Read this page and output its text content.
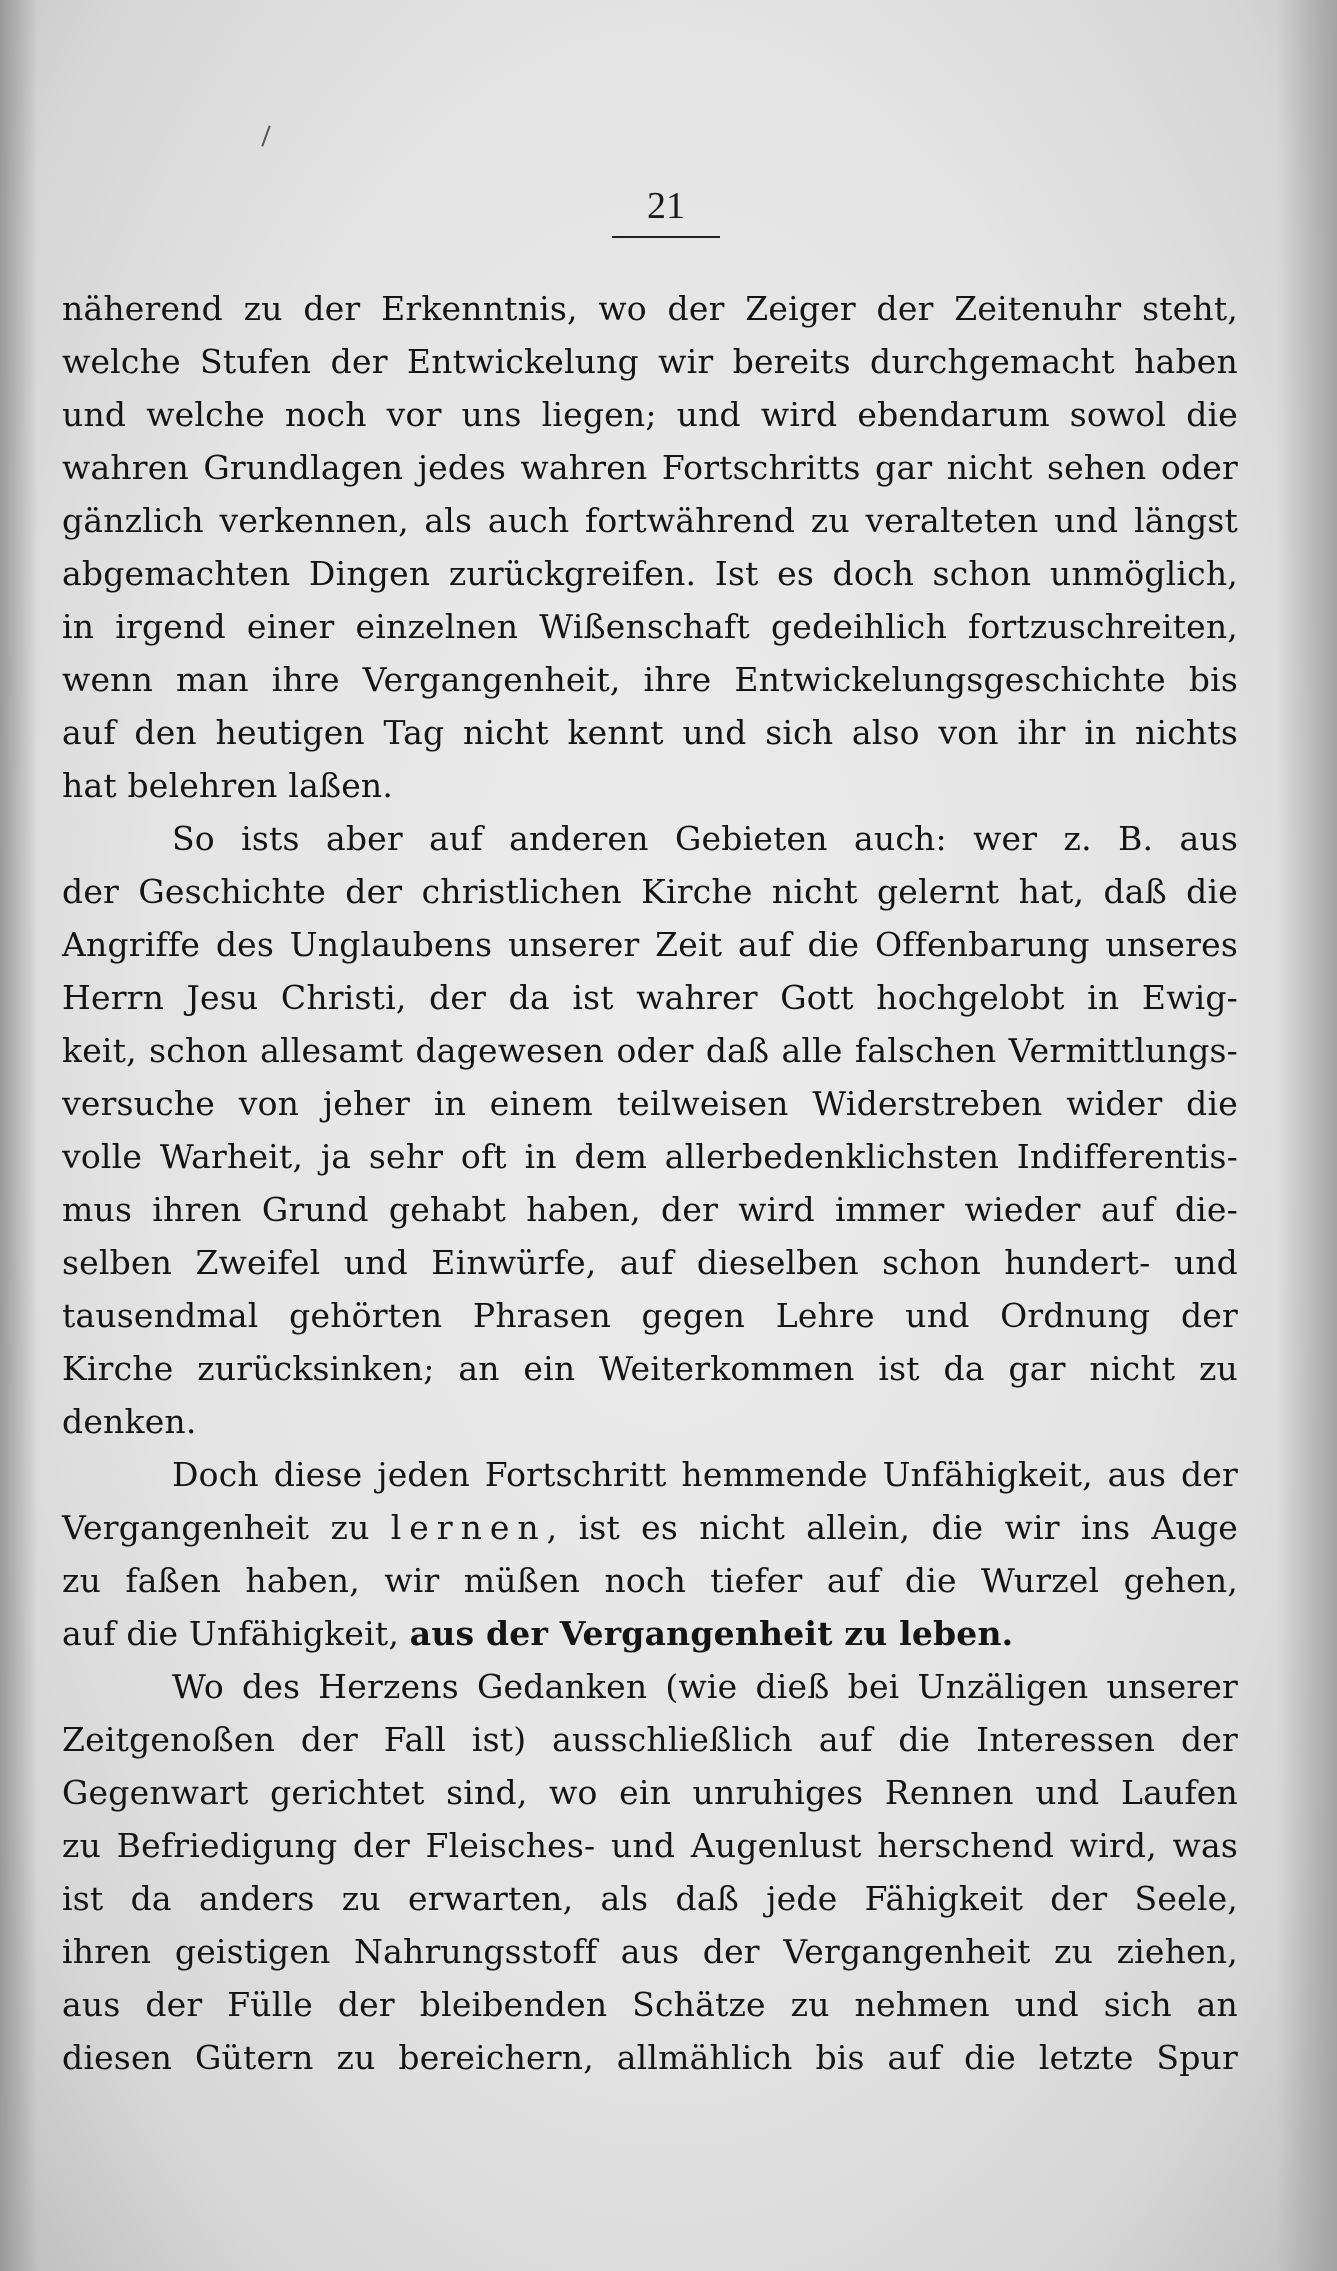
21
näherend zu der Erkenntnis, wo der Zeiger der Zeitenuhr steht,
welche Stufen der Entwickelung wir bereits durchgemacht haben
und welche noch vor uns liegen; und wird ebendarum sowol die
wahren Grundlagen jedes wahren Fortschritts gar nicht sehen oder
gänzlich verkennen, als auch fortwährend zu veralteten und längst
abgemachten Dingen zurückgreifen. Ist es doch schon unmöglich,
in irgend einer einzelnen Wißenschaft gedeihlich fortzuschreiten,
wenn man ihre Vergangenheit, ihre Entwickelungsgeschichte bis
auf den heutigen Tag nicht kennt und sich also von ihr in nichts
hat belehren laßen.
So ists aber auf anderen Gebieten auch: wer z. B. aus
der Geschichte der christlichen Kirche nicht gelernt hat, daß die
Angriffe des Unglaubens unserer Zeit auf die Offenbarung unseres
Herrn Jesu Christi, der da ist wahrer Gott hochgelobt in Ewig-
keit, schon allesamt dagewesen oder daß alle falschen Vermittlungs-
versuche von jeher in einem teilweisen Widerstreben wider die
volle Warheit, ja sehr oft in dem allerbedenklichsten Indifferentis-
mus ihren Grund gehabt haben, der wird immer wieder auf die-
selben Zweifel und Einwürfe, auf dieselben schon hundert- und
tausendmal gehörten Phrasen gegen Lehre und Ordnung der
Kirche zurücksinken; an ein Weiterkommen ist da gar nicht zu
denken.
Doch diese jeden Fortschritt hemmende Unfähigkeit, aus der
Vergangenheit zu lernen, ist es nicht allein, die wir ins Auge
zu faßen haben, wir müßen noch tiefer auf die Wurzel gehen,
auf die Unfähigkeit, aus der Vergangenheit zu leben.
Wo des Herzens Gedanken (wie dieß bei Unzäligen unserer
Zeitgenoßen der Fall ist) ausschließlich auf die Interessen der
Gegenwart gerichtet sind, wo ein unruhiges Rennen und Laufen
zu Befriedigung der Fleisches- und Augenlust herschend wird, was
ist da anders zu erwarten, als daß jede Fähigkeit der Seele,
ihren geistigen Nahrungsstoff aus der Vergangenheit zu ziehen,
aus der Fülle der bleibenden Schätze zu nehmen und sich an
diesen Gütern zu bereichern, allmählich bis auf die letzte Spur
